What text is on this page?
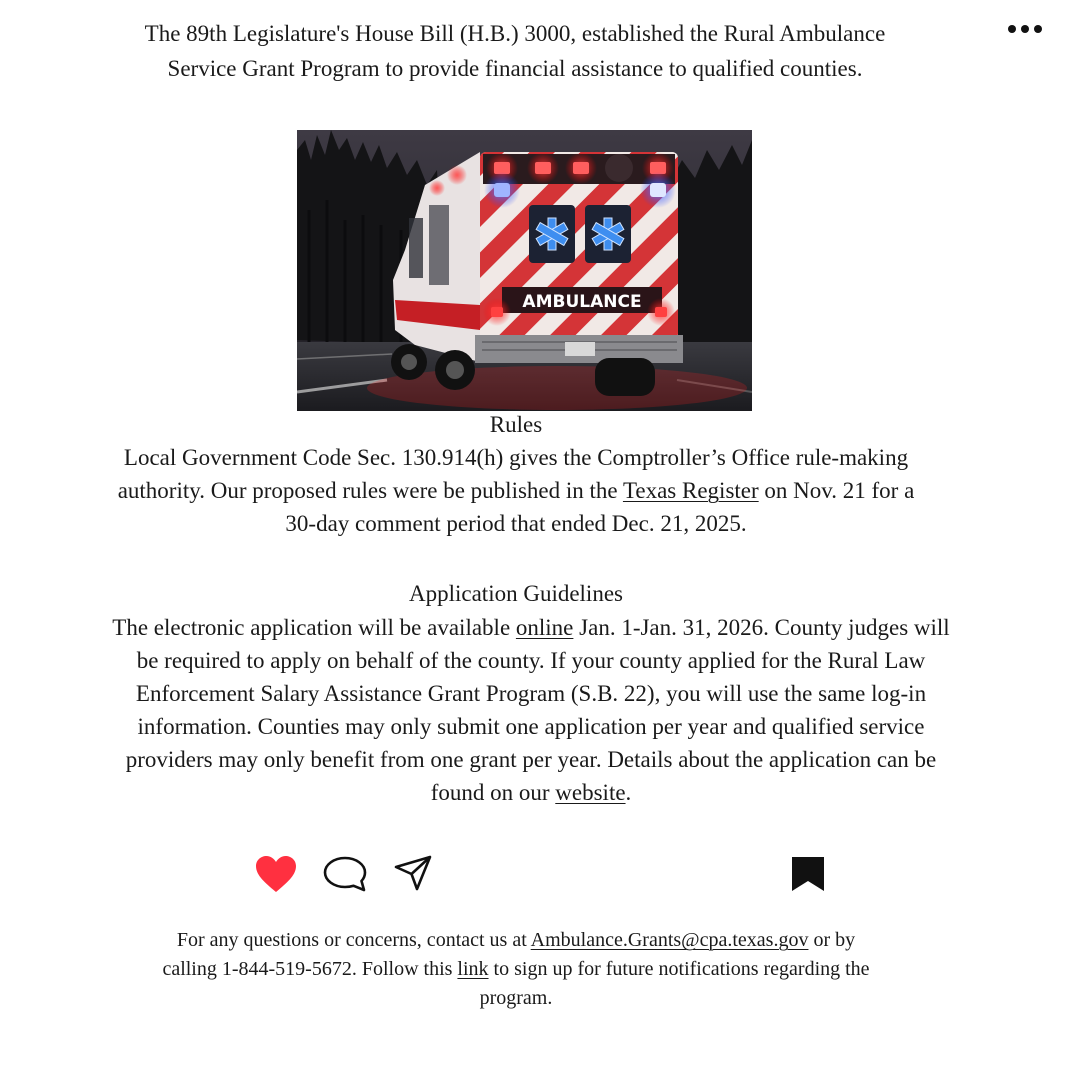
The 89th Legislature's House Bill (H.B.) 3000, established the Rural Ambulance Service Grant Program to provide financial assistance to qualified counties.

AMBULANCE
Rules

Local Government Code Sec. 130.914(h) gives the Comptroller’s Office rule-making authority. Our proposed rules were be published in the Texas Register on Nov. 21 for a 30-day comment period that ended Dec. 21, 2025.

Application Guidelines

The electronic application will be available online Jan. 1-Jan. 31, 2026. County judges will be required to apply on behalf of the county. If your county applied for the Rural Law Enforcement Salary Assistance Grant Program (S.B. 22), you will use the same log-in information. Counties may only submit one application per year and qualified service providers may only benefit from one grant per year. Details about the application can be found on our website.

For any questions or concerns, contact us at Ambulance.Grants@cpa.texas.gov or by calling 1-844-519-5672. Follow this link to sign up for future notifications regarding the program.
